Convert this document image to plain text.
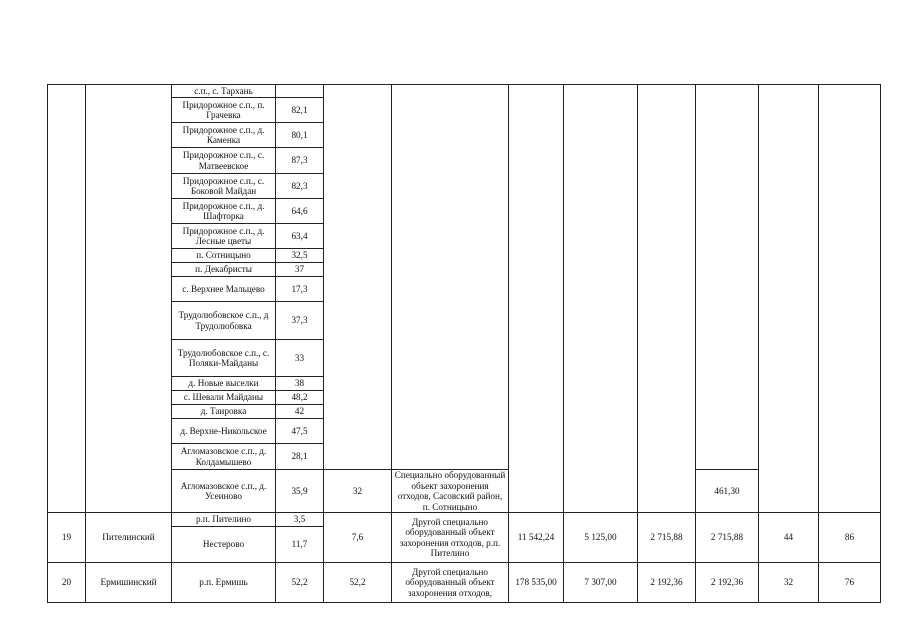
		с.п., с. Тархань									
		Придорожное с.п., п. Грачевка	82,1								
		Придорожное с.п., д. Каменка	80,1								
		Придорожное с.п., с. Матвеевское	87,3								
		Придорожное с.п., с. Боковой Майдан	82,3								
		Придорожное с.п., д. Шафторка	64,6								
		Придорожное с.п., д. Лесные цветы	63,4								
		п. Сотницыно	32,5								
		п. Декабристы	37								
		с. Верхнее Мальцево	17,3								
		Трудолюбовское с.п., д Трудолюбовка	37,3								
		Трудолюбовское с.п., с. Поляки-Майданы	33								
		д. Новые выселки	38								
		с. Шевали Майданы	48,2								
		д. Таировка	42								
		д. Верхне-Никольское	47,5								
		Агломазовское с.п., д. Колдамышево	28,1								
		Агломазовское с.п., д. Усеиново	35,9	32	Специально оборудованный объект захоронения отходов, Сасовский район, п. Сотницыно				461,30		

19	Пителинский	р.п. Пителино	3,5	7,6	Другой специально оборудованный объект захоронения отходов, р.п. Пителино	11 542,24	5 125,00	2 715,88	2 715,88	44	86
		Нестерово	11,7								
20	Ермишинский	р.п. Ермишь	52,2	52,2	Другой специально оборудованный объект захоронения отходов,	178 535,00	7 307,00	2 192,36	2 192,36	32	76
